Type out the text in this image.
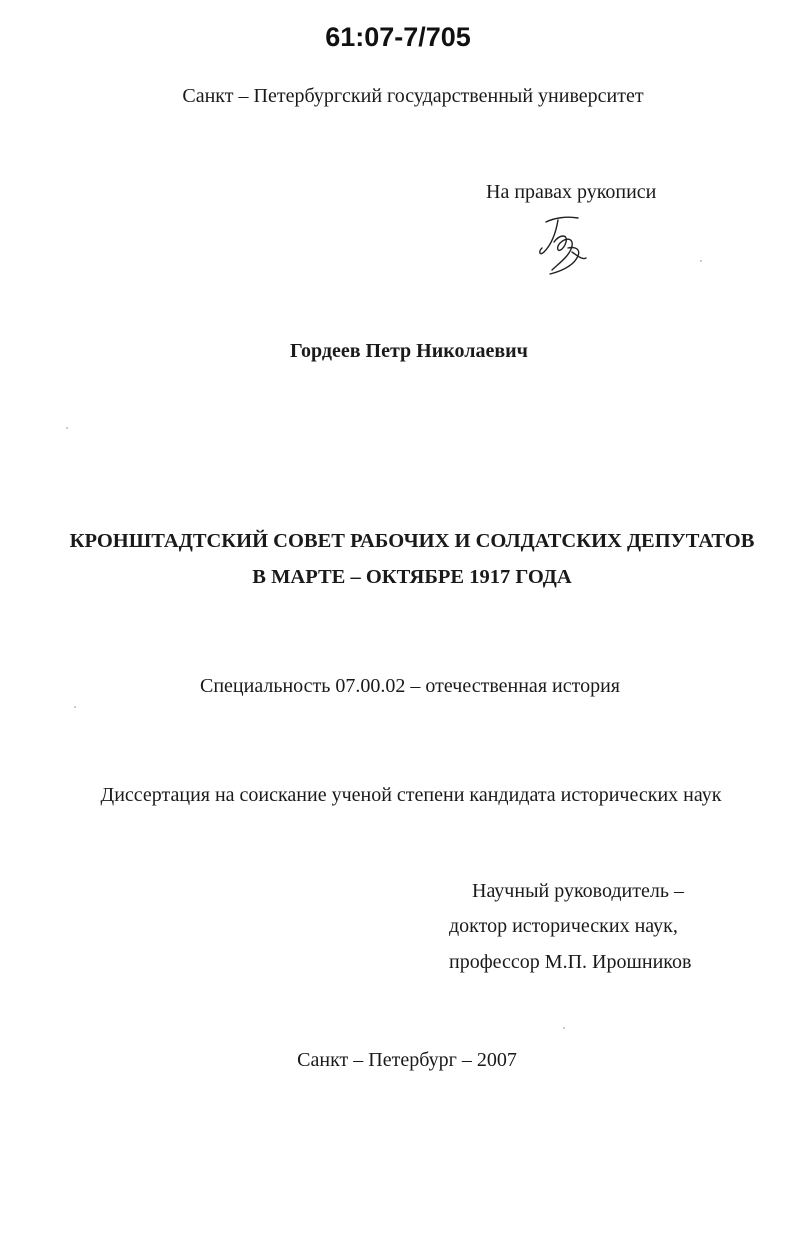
61:07-7/705
Санкт – Петербургский государственный университет
На правах рукописи
Гордеев Петр Николаевич
КРОНШТАДТСКИЙ СОВЕТ РАБОЧИХ И СОЛДАТСКИХ ДЕПУТАТОВ
В МАРТЕ – ОКТЯБРЕ 1917 ГОДА
Специальность 07.00.02 – отечественная история
Диссертация на соискание ученой степени кандидата исторических наук
Научный руководитель –
доктор исторических наук,
профессор М.П. Ирошников
Санкт – Петербург – 2007
